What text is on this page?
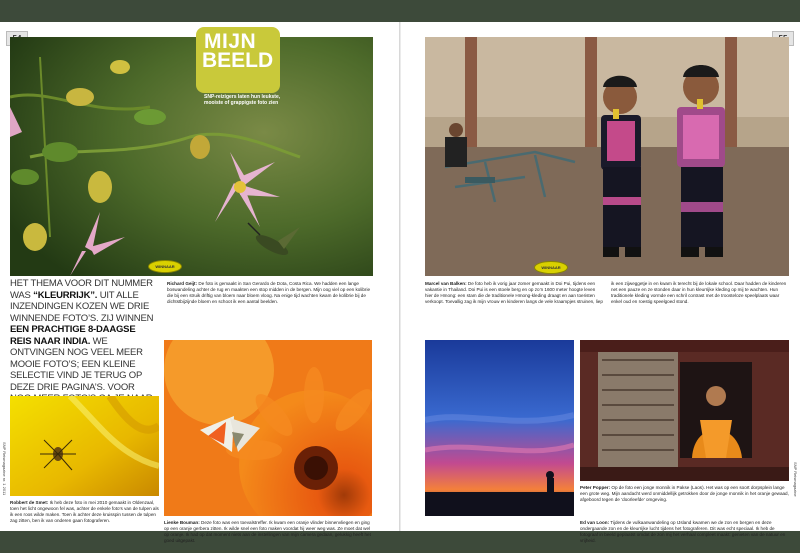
MIJN
BEELD
SNP-reizigers laten hun leukste, mooiste of grappigste foto zien
WINNAAR
HET THEMA VOOR DIT NUMMER WAS “KLEURRIJK”. UIT ALLE INZENDINGEN KOZEN WE DRIE WINNENDE FOTO’S. ZIJ WINNEN EEN PRACHTIGE 8-DAAGSE REIS NAAR INDIA. WE ONTVINGEN NOG VEEL MEER MOOIE FOTO’S; EEN KLEINE SELECTIE VIND JE TERUG OP DEZE DRIE PAGINA’S. VOOR
Richard Geijt: De foto is gemaakt in San Gerardo de Dota, Costa Rica. We hadden een lange boswandeling achter de rug en maakten een stop midden in de bergen. Mijn oog viel op een kolibrie die bij een struik driftig van bloem naar bloem vloog. Na enige tijd wachten kwam de kolibrie bij de dichtstbijzijnde bloem en schoot ik een aantal beelden.
Robbert de Smet: Ik heb deze foto in mei 2010 gemaakt in Oldenzaal, toen het licht ongewoon fel was, achter de enkele foto’s van de tulpen als ik een roos wilde maken. Toen ik achter deze kruisspin tussen de tulpen zag zitten, ben ik van onderen gaan fotograferen.	Lienke Bouman: Deze foto was een toevalstreffer. Ik kwam een oranje vlinder binnenvliegen en ging op een oranje gerbera zitten. Ik wilde snel een foto maken voordat hij weer weg was. Ze moet dat wel op oranje. Ik had op dat moment niets aan de instellingen van mijn camera gedaan, gelukkig heeft het goed uitgepakt.
SNP Reismagazine nr. 1 2011
WINNAAR
Marcel van Balken: De foto heb ik vorig jaar zomer gemaakt in Doi Pui, tijdens een vakantie in Thailand. Doi Pui is een stoele berg en op zo’n 1600 meter hoogte leven hier de Hmong: een stam die de traditionele Hmong-kleding draagt en aan toeristen verkoopt. Toevallig zag ik mijn vrouw en kinderen langs de vele kraampjes struinen, liep ik een zijweggetje in en kwam ik terecht bij de lokale school. Daar hadden de kinderen net een pauze en ze stonden daar in hun kleurrijke kleding op mij te wachten. Hun traditionele kleding vormde een schril contrast met de troosteloze speelplaats waar enkel oud en roestig speelgoed stond.
Peter Popper: Op de foto een jonge monnik in Pakse (Laos). Het was op een soort dorpsplein lange een grote weg. Mijn aandacht werd onmiddellijk getrokken door de jonge monnik in het oranje gewaad, afgeboord tegen de ‘doorleefde’ omgeving.
Ed van Loon: Tijdens de vulkaanwandeling op IJsland kwamen we de zon en bergen en deze ondergaande zon en de kleurrijke lucht tijdens het fotograferen. Dit was echt speciaal. Ik heb de fotograaf in beeld geplaatst omdat de zon mij het verhaal compleet maakt: genieten van de natuur en vrijheid.
SNP Reismagazine
